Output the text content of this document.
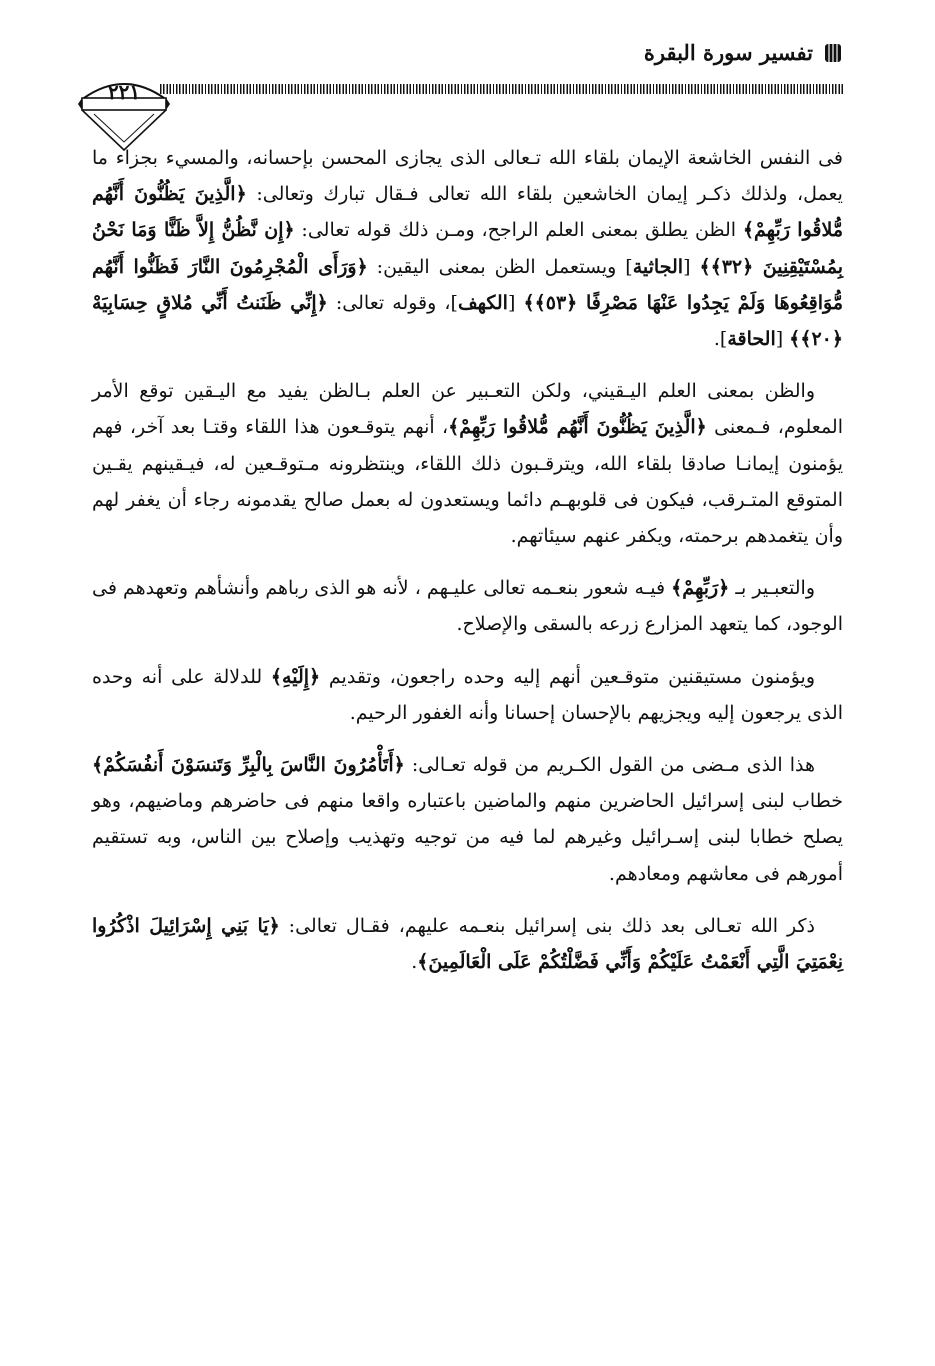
تفسير سورة البقرة
٢٢١

فى النفس الخاشعة الإيمان بلقاء الله تـعالى الذى يجازى المحسن بإحسانه، والمسيء بجزاء ما يعمل، ولذلك ذكـر إيمان الخاشعين بلقاء الله تعالى فـقال تبارك وتعالى: ﴿الَّذِينَ يَظُنُّونَ أَنَّهُم مُّلاقُوا رَبِّهِمْ﴾ الظن يطلق بمعنى العلم الراجح، ومـن ذلك قوله تعالى: ﴿إِن نَّظُنُّ إِلاَّ ظَنًّا وَمَا نَحْنُ بِمُسْتَيْقِنِينَ ﴿٣٢﴾﴾ [الجاثية] ويستعمل الظن بمعنى اليقين: ﴿وَرَأَى الْمُجْرِمُونَ النَّارَ فَظَنُّوا أَنَّهُم مُّوَاقِعُوهَا وَلَمْ يَجِدُوا عَنْهَا مَصْرِفًا ﴿٥٣﴾﴾ [الكهف]، وقوله تعالى: ﴿إِنِّي ظَنَنتُ أَنِّي مُلاقٍ حِسَابِيَهْ ﴿٢٠﴾﴾ [الحاقة].

والظن بمعنى العلم اليـقيني، ولكن التعـبير عن العلم بـالظن يفيد مع اليـقين توقع الأمر المعلوم، فـمعنى ﴿الَّذِينَ يَظُنُّونَ أَنَّهُم مُّلاقُوا رَبِّهِمْ﴾، أنهم يتوقـعون هذا اللقاء وقتـا بعد آخر، فهم يؤمنون إيمانـا صادقا بلقاء الله، ويترقـبون ذلك اللقاء، وينتظرونه مـتوقـعين له، فيـقينهم يقـين المتوقع المتـرقب، فيكون فى قلوبهـم دائما ويستعدون له بعمل صالح يقدمونه رجاء أن يغفر لهم وأن يتغمدهم برحمته، ويكفر عنهم سيئاتهم.

والتعبـير بـ ﴿رَبِّهِمْ﴾ فيـه شعور بنعـمه تعالى عليـهم ، لأنه هو الذى رباهم وأنشأهم وتعهدهم فى الوجود، كما يتعهد المزارع زرعه بالسقى والإصلاح.

ويؤمنون مستيقنين متوقـعين أنهم إليه وحده راجعون، وتقديم ﴿إِلَيْهِ﴾ للدلالة على أنه وحده الذى يرجعون إليه ويجزيهم بالإحسان إحسانا وأنه الغفور الرحيم.

هذا الذى مـضى من القول الكـريم من قوله تعـالى: ﴿أَتَأْمُرُونَ النَّاسَ بِالْبِرِّ وَتَنسَوْنَ أَنفُسَكُمْ﴾ خطاب لبنى إسرائيل الحاضرين منهم والماضين باعتباره واقعا منهم فى حاضرهم وماضيهم، وهو يصلح خطابا لبنى إسـرائيل وغيرهم لما فيه من توجيه وتهذيب وإصلاح بين الناس، وبه تستقيم أمورهم فى معاشهم ومعادهم.

ذكر الله تعـالى بعد ذلك بنى إسرائيل بنعـمه عليهم، فقـال تعالى: ﴿يَا بَنِي إِسْرَائِيلَ اذْكُرُوا نِعْمَتِيَ الَّتِي أَنْعَمْتُ عَلَيْكُمْ وَأَنِّي فَضَّلْتُكُمْ عَلَى الْعَالَمِينَ﴾.
